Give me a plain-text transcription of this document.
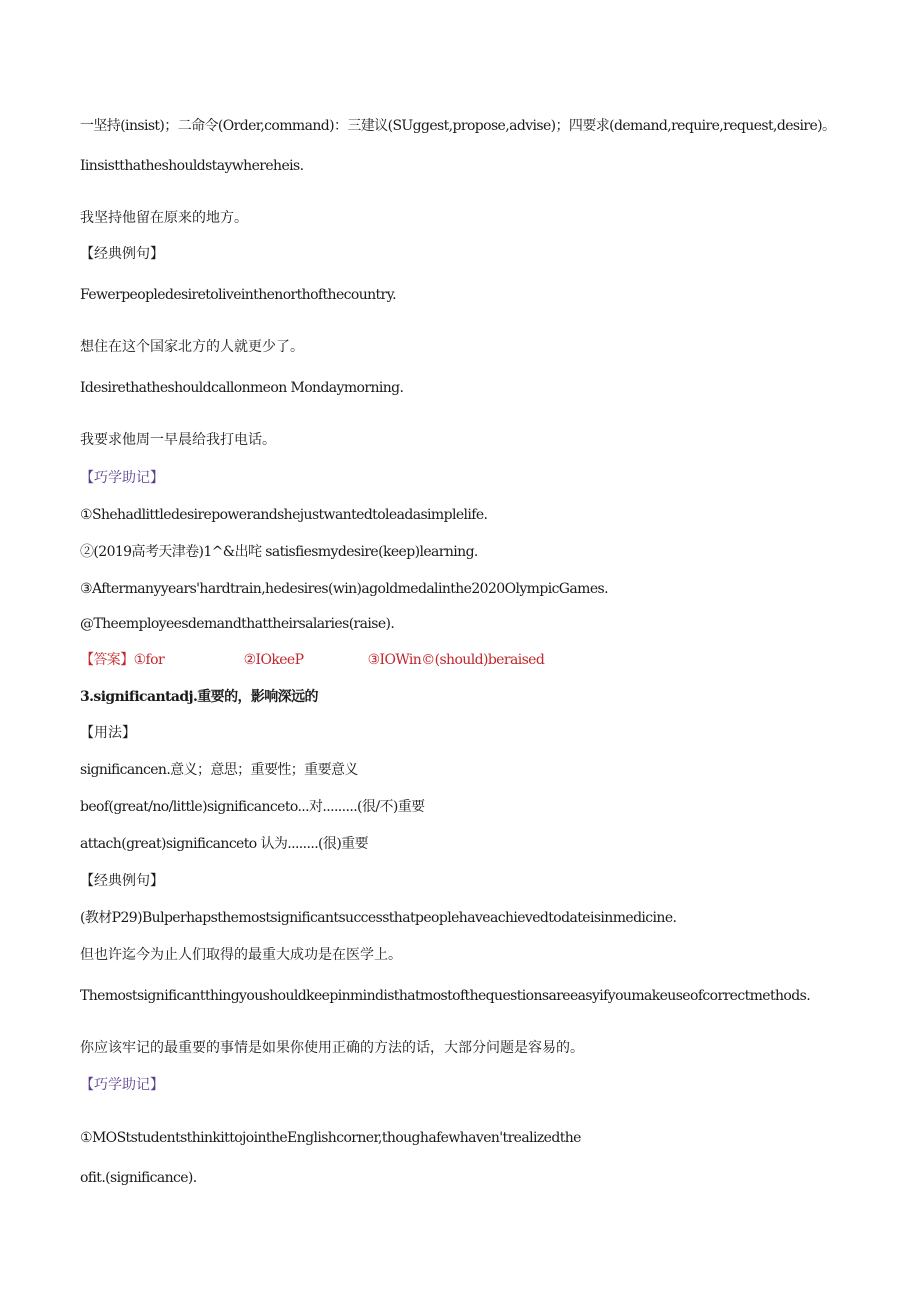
一坚持(insist)；二命令(Order,command)：三建议(SUggest,propose,advise)；四要求(demand,require,request,desire)。
Iinsistthatheshouldstaywhereheis.
我坚持他留在原来的地方。
【经典例句】
Fewerpeopledesiretoliveinthenorthofthecountry.
想住在这个国家北方的人就更少了。
Idesirethatheshouldcallonmeon Mondaymorning.
我要求他周一早晨给我打电话。
【巧学助记】
①Shehadlittledesirepowerandshejustwantedtoleadasimplelife.
②(2019高考天津卷)1^&出咤 satisfiesmydesire(keep)learning.
③Aftermanyyears'hardtrain,hedesires(win)agoldmedalinthe2020OlympicGames.
@Theemployeesdemandthattheirsalaries(raise).
【答案】①for	②IOkeeP	③IOWin©(should)beraised
3.significantadj.重要的，影响深远的
【用法】
significancen.意义；意思；重要性；重要意义
beof(great/no/little)significanceto...对.........(很/不)重要
attach(great)significanceto 认为........(很)重要
【经典例句】
(教材P29)Bulperhapsthemostsignificantsuccessthatpeoplehaveachievedtodateisinmedicine.
但也许迄今为止人们取得的最重大成功是在医学上。
Themostsignificantthingyoushouldkeepinmindisthatmostofthequestionsareeasyifyoumakeuseofcorrectmethods.
你应该牢记的最重要的事情是如果你使用正确的方法的话，大部分问题是容易的。
【巧学助记】
①MOStstudentsthinkittojointheEnglishcorner,thoughafewhaven'trealizedthe
ofit.(significance).
